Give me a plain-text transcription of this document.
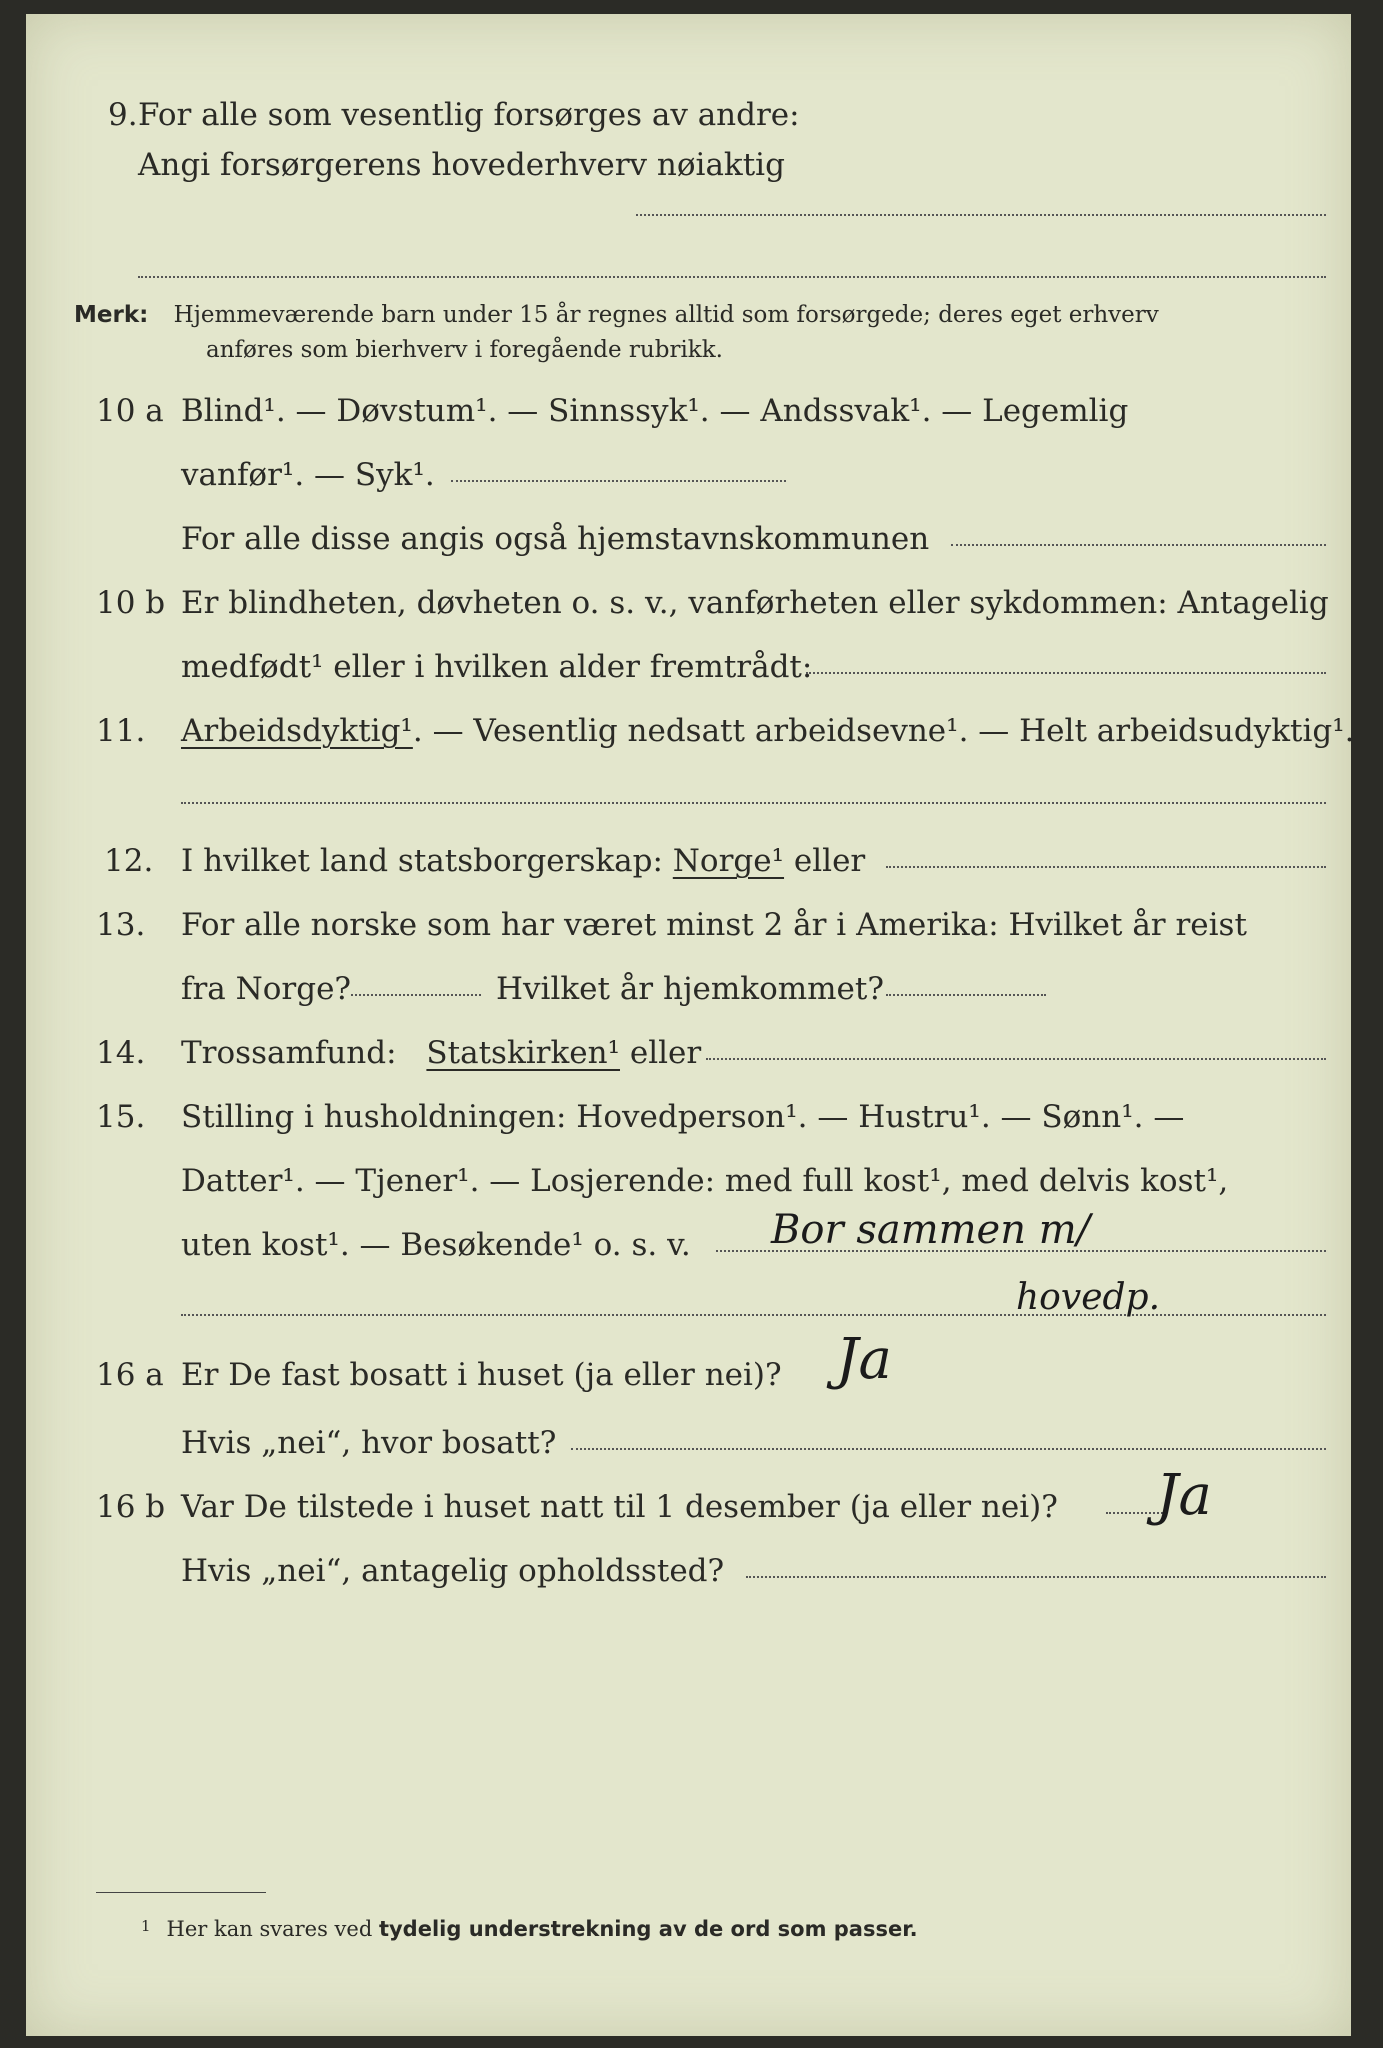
9. For alle som vesentlig forsørges av andre:
Angi forsørgerens hovederhverv nøiaktig
Merk: Hjemmeværende barn under 15 år regnes alltid som forsørgede; deres eget erhverv
anføres som bierhverv i foregående rubrikk.
10 a Blind¹. — Døvstum¹. — Sinnssyk¹. — Andssvak¹. — Legemlig
vanfør¹. — Syk¹.
For alle disse angis også hjemstavnskommunen
10 b Er blindheten, døvheten o. s. v., vanførheten eller sykdommen: Antagelig
medfødt¹ eller i hvilken alder fremtrådt:
11. Arbeidsdyktig¹. — Vesentlig nedsatt arbeidsevne¹. — Helt arbeidsudyktig¹.
12. I hvilket land statsborgerskap: Norge¹ eller
13. For alle norske som har været minst 2 år i Amerika: Hvilket år reist
fra Norge?	Hvilket år hjemkommet?
14. Trossamfund: Statskirken¹ eller
15. Stilling i husholdningen: Hovedperson¹. — Hustru¹. — Sønn¹. —
Datter¹. — Tjener¹. — Losjerende: med full kost¹, med delvis kost¹,
uten kost¹. — Besøkende¹ o. s. v. Bor sammen m/
hovedp.
16 a Er De fast bosatt i huset (ja eller nei)? Ja
Hvis „nei“, hvor bosatt?
16 b Var De tilstede i huset natt til 1 desember (ja eller nei)? Ja
Hvis „nei“, antagelig opholdssted?
$^1$ Her kan svares ved tydelig understrekning av de ord som passer.
